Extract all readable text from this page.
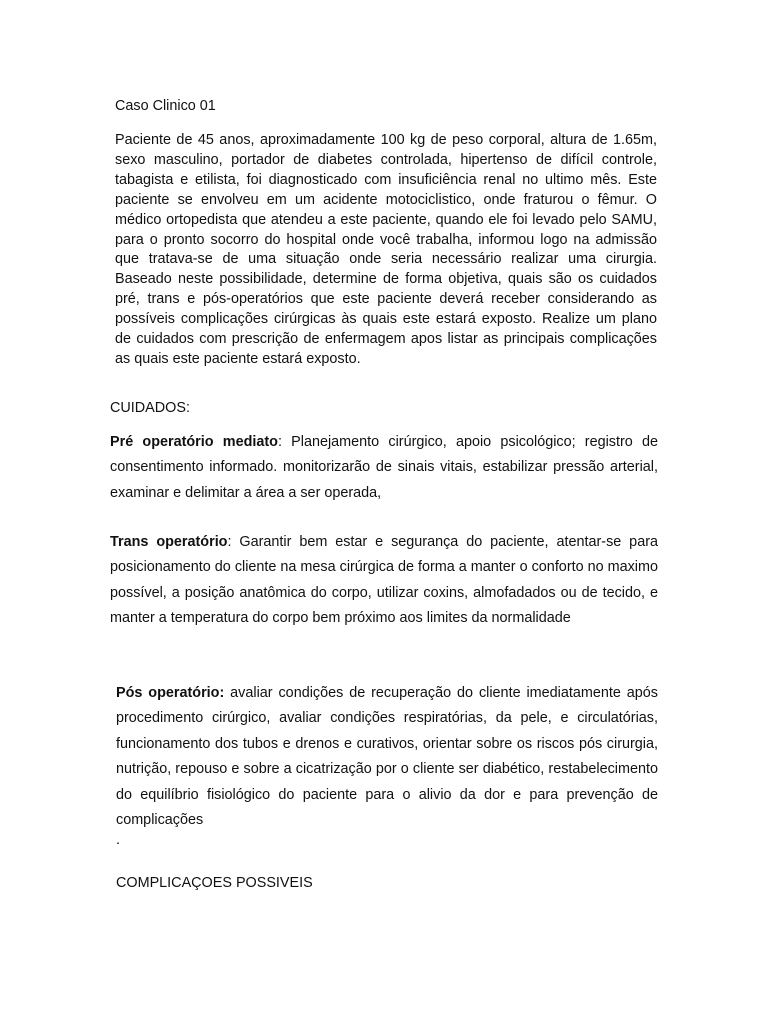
Caso Clinico 01

Paciente de 45 anos, aproximadamente 100 kg de peso corporal, altura de 1.65m, sexo masculino, portador de diabetes controlada, hipertenso de difícil controle, tabagista e etilista, foi diagnosticado com insuficiência renal no ultimo mês. Este paciente se envolveu em um acidente motociclistico, onde fraturou o fêmur. O médico ortopedista que atendeu a este paciente, quando ele foi levado pelo SAMU, para o pronto socorro do hospital onde você trabalha, informou logo na admissão que tratava-se de uma situação onde seria necessário realizar uma cirurgia. Baseado neste possibilidade, determine de forma objetiva, quais são os cuidados pré, trans e pós-operatórios que este paciente deverá receber considerando as possíveis complicações cirúrgicas às quais este estará exposto. Realize um plano de cuidados com prescrição de enfermagem apos listar as principais complicações as quais este paciente estará exposto.

CUIDADOS:

Pré operatório mediato: Planejamento cirúrgico, apoio psicológico; registro de consentimento informado. monitorizarão de sinais vitais, estabilizar pressão arterial, examinar e delimitar a área a ser operada,

Trans operatório: Garantir bem estar e segurança do paciente, atentar-se para posicionamento do cliente na mesa cirúrgica de forma a manter o conforto no maximo possível, a posição anatômica do corpo, utilizar coxins, almofadados ou de tecido, e manter a temperatura do corpo bem próximo aos limites da normalidade

Pós operatório: avaliar condições de recuperação do cliente imediatamente após procedimento cirúrgico, avaliar condições respiratórias, da pele, e circulatórias, funcionamento dos tubos e drenos e curativos, orientar sobre os riscos pós cirurgia, nutrição, repouso e sobre a cicatrização por o cliente ser diabético, restabelecimento do equilíbrio fisiológico do paciente para o alivio da dor e para prevenção de complicações

.
COMPLICAÇOES POSSIVEIS
